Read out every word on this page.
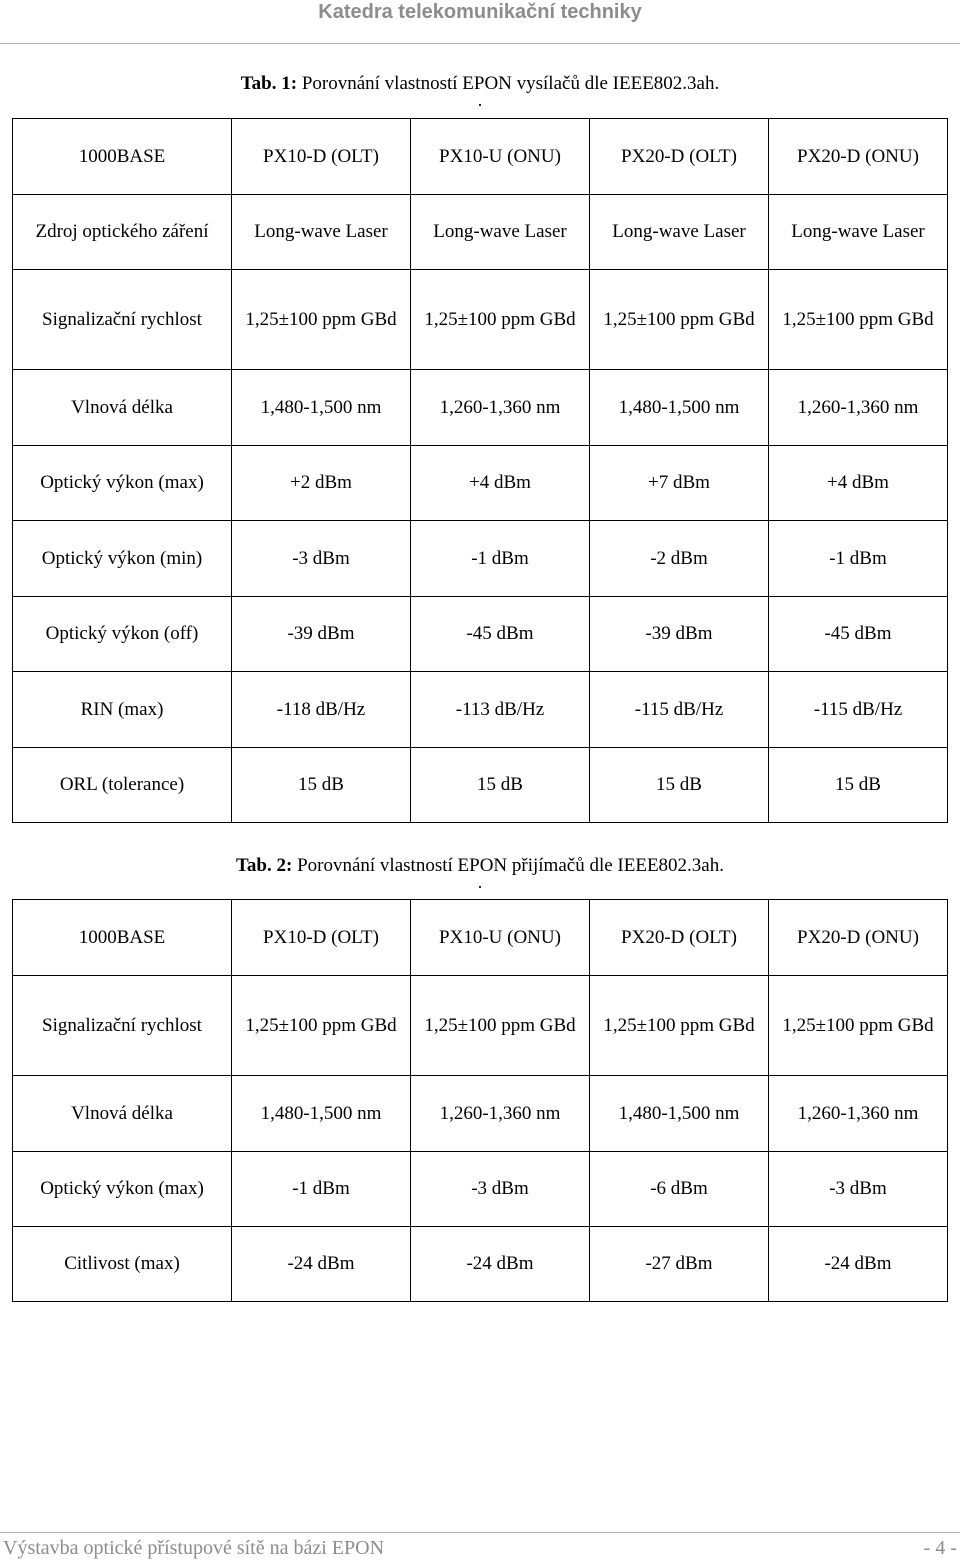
Katedra telekomunikační techniky
Tab. 1: Porovnání vlastností EPON vysílačů dle IEEE802.3ah.
.
1000BASE	PX10-D (OLT)	PX10-U (ONU)	PX20-D (OLT)	PX20-D (ONU)
Zdroj optického záření	Long-wave Laser	Long-wave Laser	Long-wave Laser	Long-wave Laser
Signalizační rychlost	1,25±100 ppm GBd	1,25±100 ppm GBd	1,25±100 ppm GBd	1,25±100 ppm GBd
Vlnová délka	1,480-1,500 nm	1,260-1,360 nm	1,480-1,500 nm	1,260-1,360 nm
Optický výkon (max)	+2 dBm	+4 dBm	+7 dBm	+4 dBm
Optický výkon (min)	-3 dBm	-1 dBm	-2 dBm	-1 dBm
Optický výkon (off)	-39 dBm	-45 dBm	-39 dBm	-45 dBm
RIN (max)	-118 dB/Hz	-113 dB/Hz	-115 dB/Hz	-115 dB/Hz
ORL (tolerance)	15 dB	15 dB	15 dB	15 dB
Tab. 2: Porovnání vlastností EPON přijímačů dle IEEE802.3ah.
.
1000BASE	PX10-D (OLT)	PX10-U (ONU)	PX20-D (OLT)	PX20-D (ONU)
Signalizační rychlost	1,25±100 ppm GBd	1,25±100 ppm GBd	1,25±100 ppm GBd	1,25±100 ppm GBd
Vlnová délka	1,480-1,500 nm	1,260-1,360 nm	1,480-1,500 nm	1,260-1,360 nm
Optický výkon (max)	-1 dBm	-3 dBm	-6 dBm	-3 dBm
Citlivost (max)	-24 dBm	-24 dBm	-27 dBm	-24 dBm
Výstavba optické přístupové sítě na bázi EPON	- 4 -
